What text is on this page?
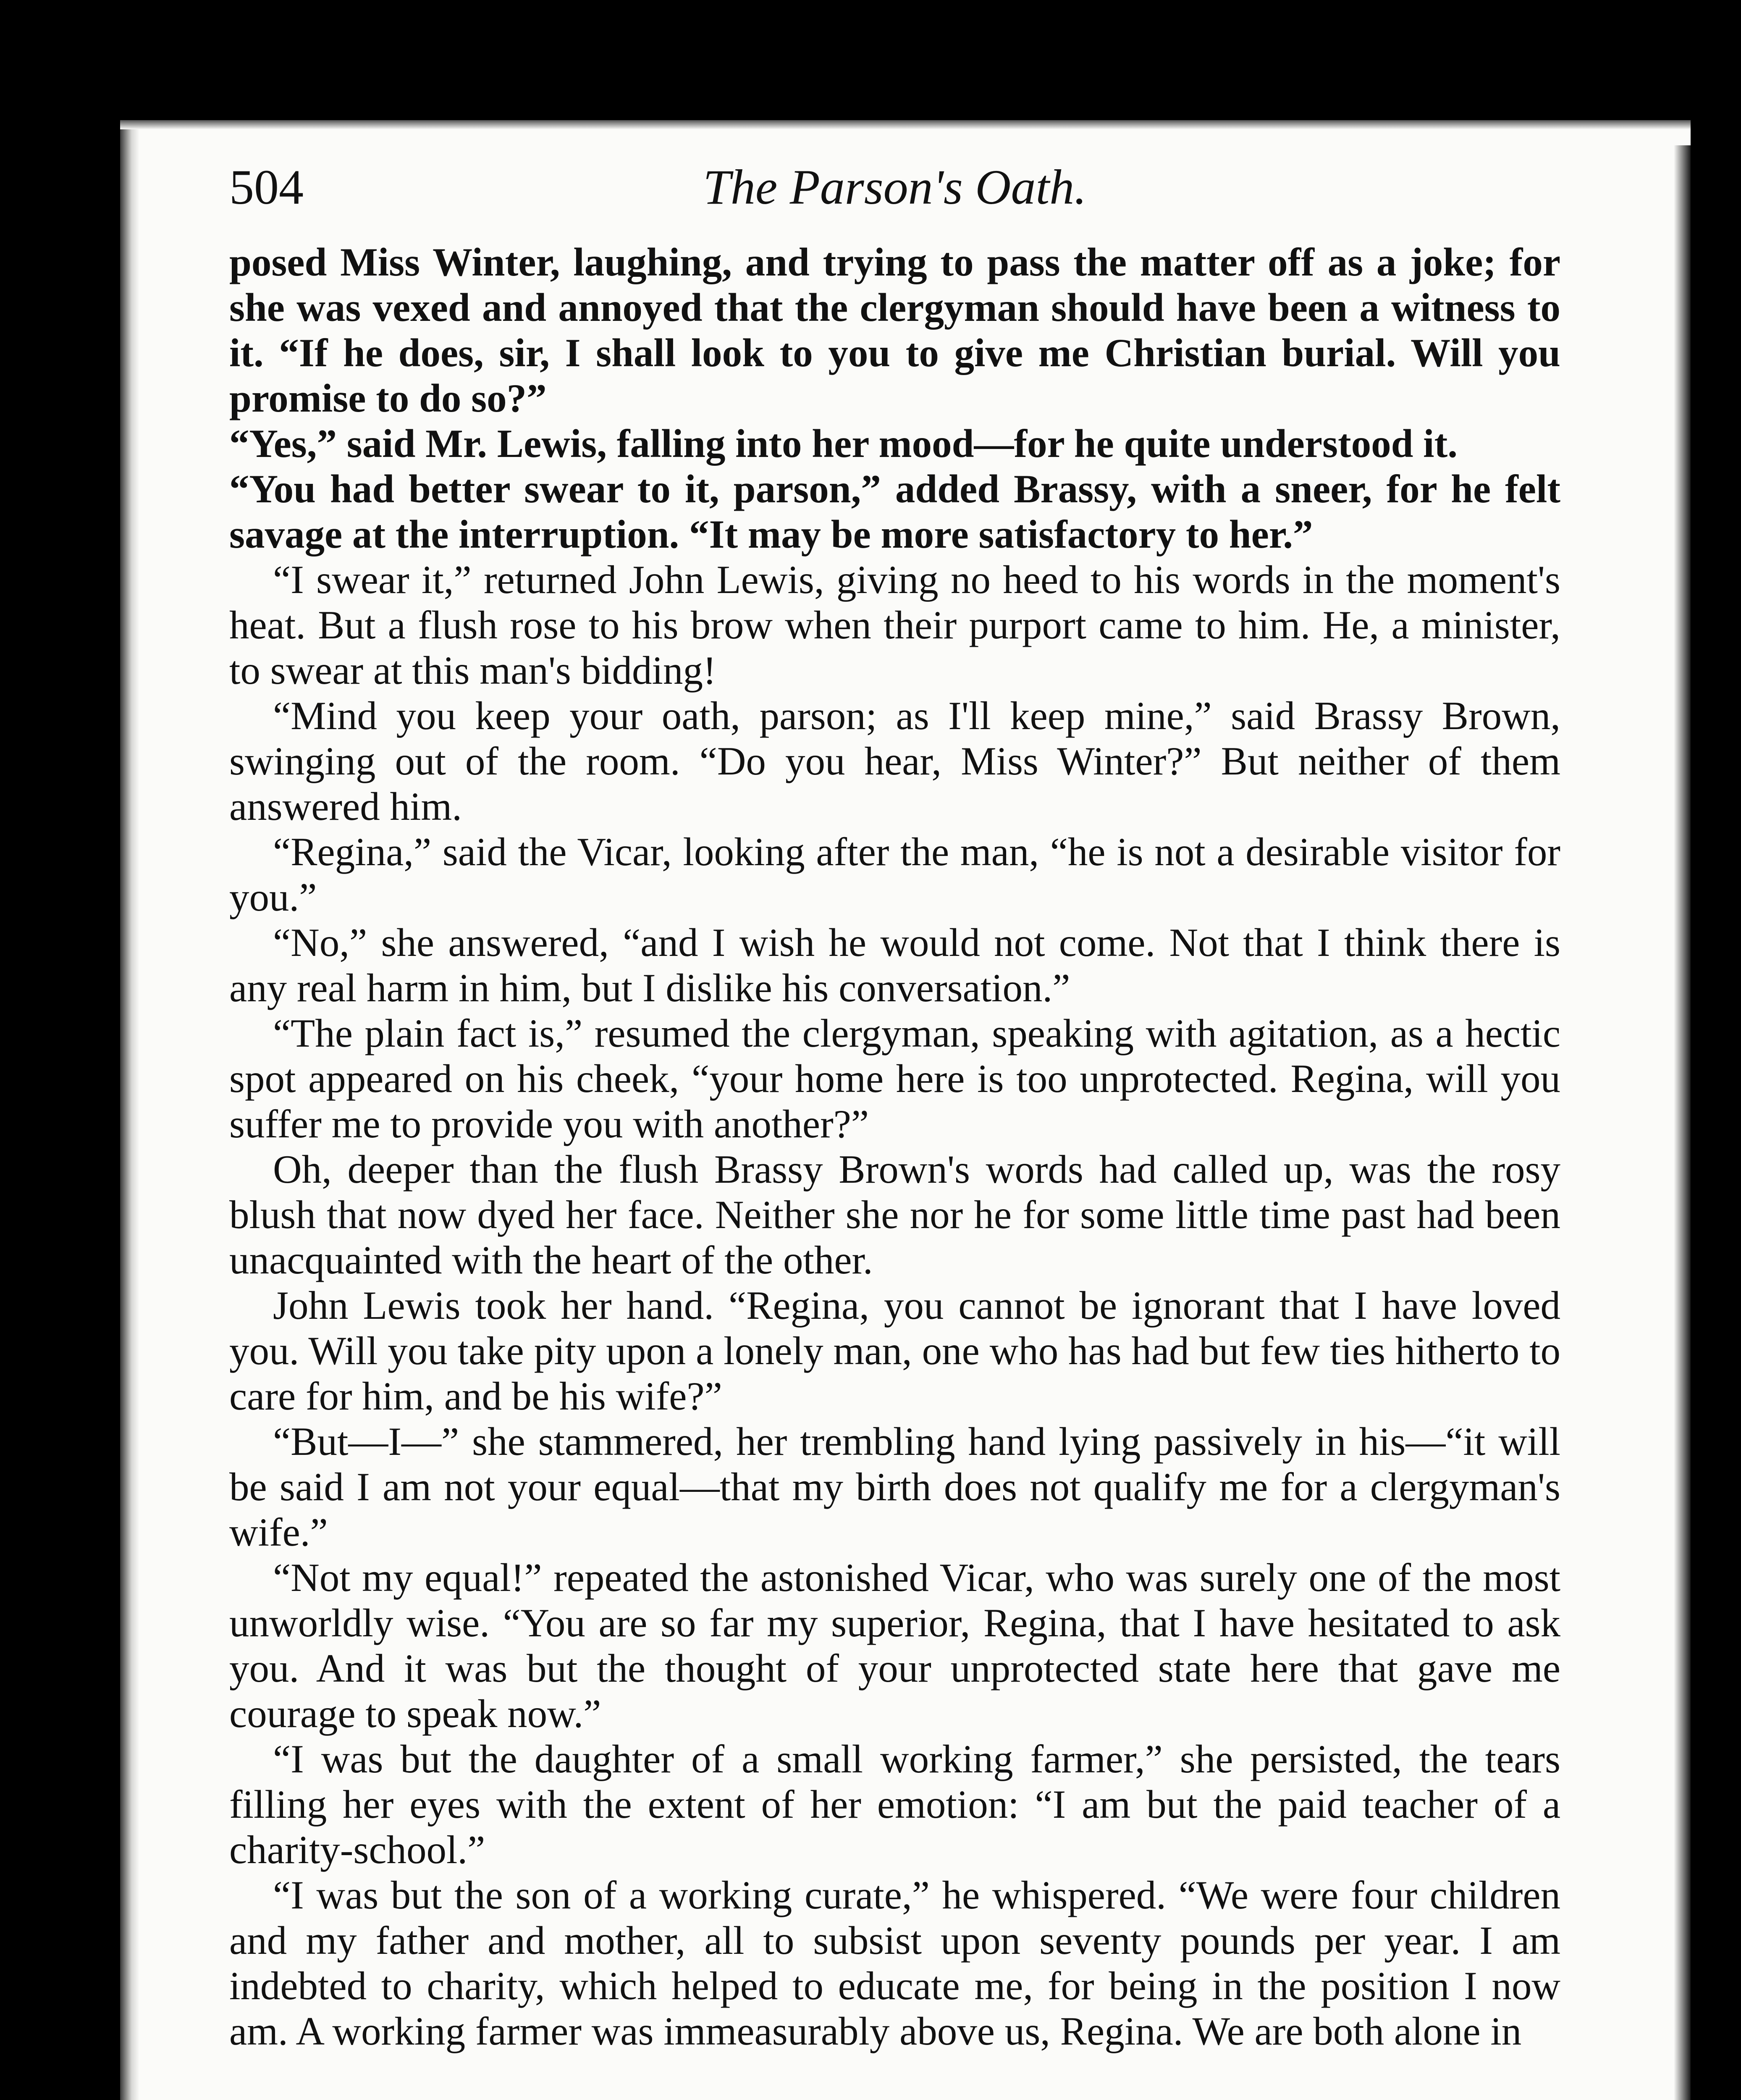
504	The Parson's Oath.

posed Miss Winter, laughing, and trying to pass the matter off as a joke; for she was vexed and annoyed that the clergyman should have been a witness to it. “If he does, sir, I shall look to you to give me Christian burial. Will you promise to do so?”

“Yes,” said Mr. Lewis, falling into her mood—for he quite understood it.

“You had better swear to it, parson,” added Brassy, with a sneer, for he felt savage at the interruption. “It may be more satisfactory to her.”

“I swear it,” returned John Lewis, giving no heed to his words in the moment's heat. But a flush rose to his brow when their purport came to him. He, a minister, to swear at this man's bidding!

“Mind you keep your oath, parson; as I'll keep mine,” said Brassy Brown, swinging out of the room. “Do you hear, Miss Winter?” But neither of them answered him.

“Regina,” said the Vicar, looking after the man, “he is not a desirable visitor for you.”

“No,” she answered, “and I wish he would not come. Not that I think there is any real harm in him, but I dislike his conversation.”

“The plain fact is,” resumed the clergyman, speaking with agitation, as a hectic spot appeared on his cheek, “your home here is too unprotected. Regina, will you suffer me to provide you with another?”

Oh, deeper than the flush Brassy Brown's words had called up, was the rosy blush that now dyed her face. Neither she nor he for some little time past had been unacquainted with the heart of the other.

John Lewis took her hand. “Regina, you cannot be ignorant that I have loved you. Will you take pity upon a lonely man, one who has had but few ties hitherto to care for him, and be his wife?”

“But—I—” she stammered, her trembling hand lying passively in his—“it will be said I am not your equal—that my birth does not qualify me for a clergyman's wife.”

“Not my equal!” repeated the astonished Vicar, who was surely one of the most unworldly wise. “You are so far my superior, Regina, that I have hesitated to ask you. And it was but the thought of your unprotected state here that gave me courage to speak now.”

“I was but the daughter of a small working farmer,” she persisted, the tears filling her eyes with the extent of her emotion: “I am but the paid teacher of a charity-school.”

“I was but the son of a working curate,” he whispered. “We were four children and my father and mother, all to subsist upon seventy pounds per year. I am indebted to charity, which helped to educate me, for being in the position I now am. A working farmer was immeasurably above us, Regina. We are both alone in
